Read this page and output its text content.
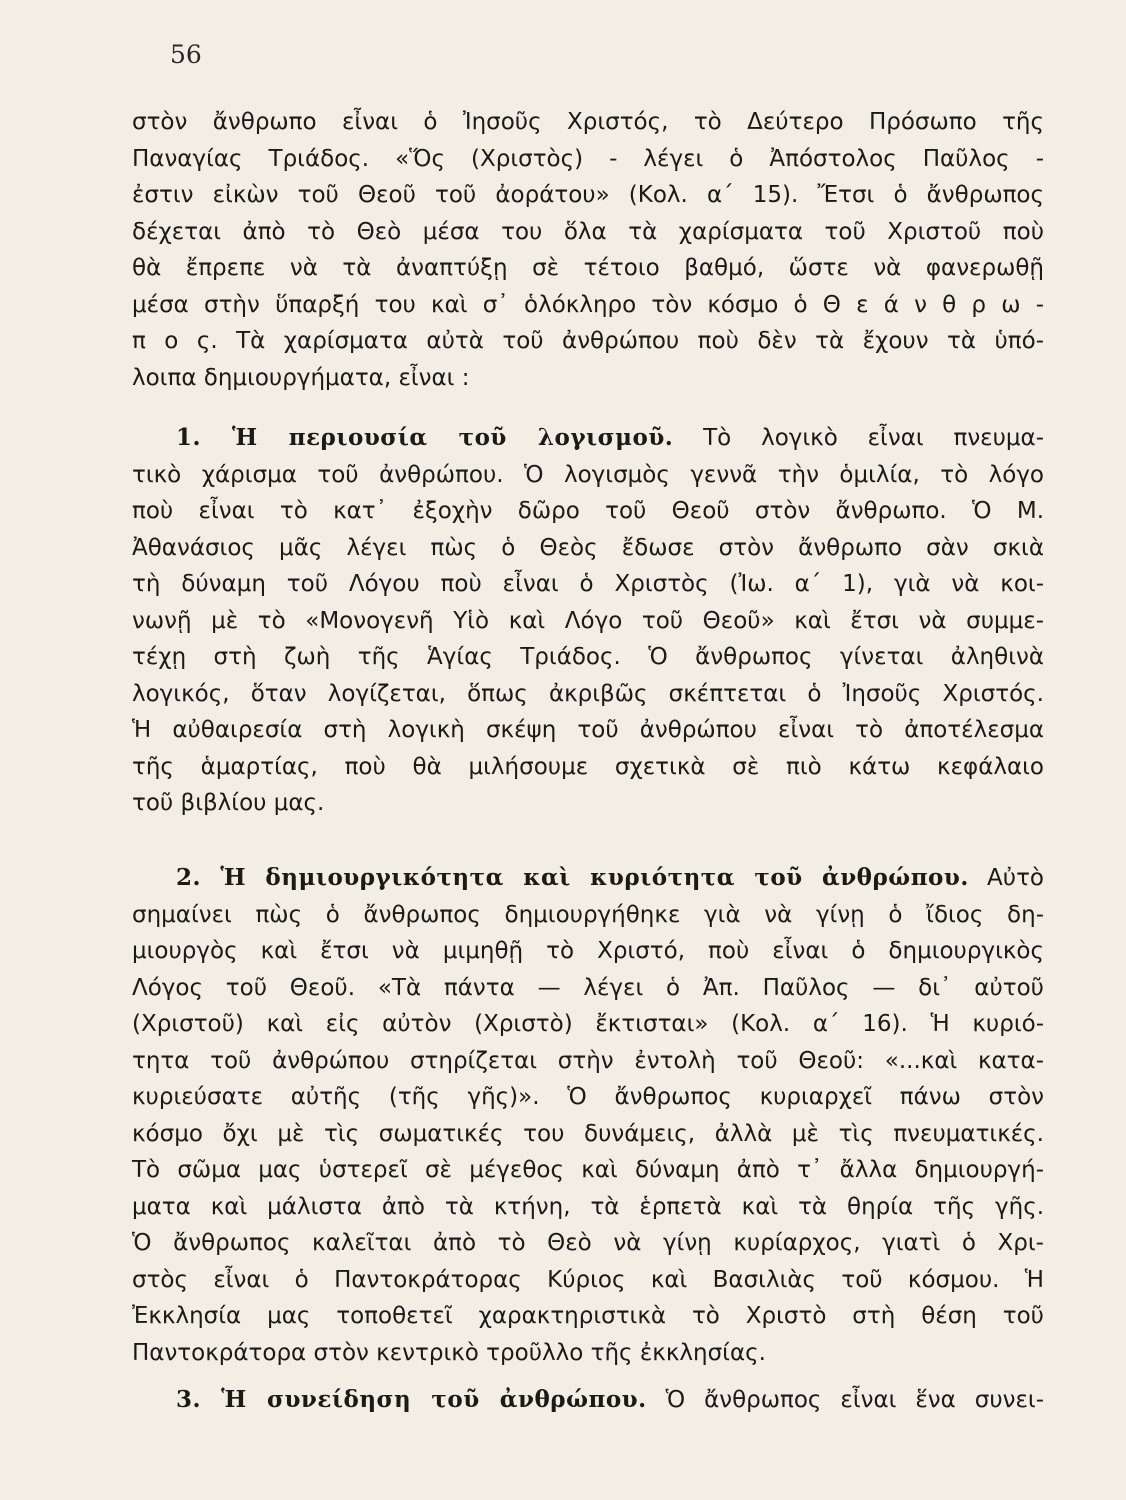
56
στὸν ἄνθρωπο εἶναι ὁ Ἰησοῦς Χριστός, τὸ Δεύτερο Πρόσωπο τῆς
Παναγίας Τριάδος. «Ὅς (Χριστὸς) - λέγει ὁ Ἀπόστολος Παῦλος -
ἐστιν εἰκὼν τοῦ Θεοῦ τοῦ ἀοράτου» (Κολ. α΄ 15). Ἔτσι ὁ ἄνθρωπος
δέχεται ἀπὸ τὸ Θεὸ μέσα του ὅλα τὰ χαρίσματα τοῦ Χριστοῦ ποὺ
θὰ ἔπρεπε νὰ τὰ ἀναπτύξῃ σὲ τέτοιο βαθμό, ὥστε νὰ φανερωθῇ
μέσα στὴν ὕπαρξή του καὶ σ᾽ ὁλόκληρο τὸν κόσμο ὁ Θ ε ά ν θ ρ ω -
π ο ς. Τὰ χαρίσματα αὐτὰ τοῦ ἀνθρώπου ποὺ δὲν τὰ ἔχουν τὰ ὑπό-
λοιπα δημιουργήματα, εἶναι :
1. Ἡ περιουσία τοῦ λογισμοῦ. Τὸ λογικὸ εἶναι πνευμα-
τικὸ χάρισμα τοῦ ἀνθρώπου. Ὁ λογισμὸς γεννᾶ τὴν ὁμιλία, τὸ λόγο
ποὺ εἶναι τὸ κατ᾽ ἐξοχὴν δῶρο τοῦ Θεοῦ στὸν ἄνθρωπο. Ὁ Μ.
Ἀθανάσιος μᾶς λέγει πὼς ὁ Θεὸς ἔδωσε στὸν ἄνθρωπο σὰν σκιὰ
τὴ δύναμη τοῦ Λόγου ποὺ εἶναι ὁ Χριστὸς (Ἰω. α΄ 1), γιὰ νὰ κοι-
νωνῇ μὲ τὸ «Μονογενῆ Υἱὸ καὶ Λόγο τοῦ Θεοῦ» καὶ ἔτσι νὰ συμμε-
τέχῃ στὴ ζωὴ τῆς Ἁγίας Τριάδος. Ὁ ἄνθρωπος γίνεται ἀληθινὰ
λογικός, ὅταν λογίζεται, ὅπως ἀκριβῶς σκέπτεται ὁ Ἰησοῦς Χριστός.
Ἡ αὐθαιρεσία στὴ λογικὴ σκέψη τοῦ ἀνθρώπου εἶναι τὸ ἀποτέλεσμα
τῆς ἁμαρτίας, ποὺ θὰ μιλήσουμε σχετικὰ σὲ πιὸ κάτω κεφάλαιο
τοῦ βιβλίου μας.
2. Ἡ δημιουργικότητα καὶ κυριότητα τοῦ ἀνθρώπου. Αὐτὸ
σημαίνει πὼς ὁ ἄνθρωπος δημιουργήθηκε γιὰ νὰ γίνῃ ὁ ἴδιος δη-
μιουργὸς καὶ ἔτσι νὰ μιμηθῇ τὸ Χριστό, ποὺ εἶναι ὁ δημιουργικὸς
Λόγος τοῦ Θεοῦ. «Τὰ πάντα — λέγει ὁ Ἀπ. Παῦλος — δι᾽ αὐτοῦ
(Χριστοῦ) καὶ εἰς αὐτὸν (Χριστὸ) ἔκτισται» (Κολ. α΄ 16). Ἡ κυριό-
τητα τοῦ ἀνθρώπου στηρίζεται στὴν ἐντολὴ τοῦ Θεοῦ: «...καὶ κατα-
κυριεύσατε αὐτῆς (τῆς γῆς)». Ὁ ἄνθρωπος κυριαρχεῖ πάνω στὸν
κόσμο ὄχι μὲ τὶς σωματικές του δυνάμεις, ἀλλὰ μὲ τὶς πνευματικές.
Τὸ σῶμα μας ὑστερεῖ σὲ μέγεθος καὶ δύναμη ἀπὸ τ᾽ ἄλλα δημιουργή-
ματα καὶ μάλιστα ἀπὸ τὰ κτήνη, τὰ ἑρπετὰ καὶ τὰ θηρία τῆς γῆς.
Ὁ ἄνθρωπος καλεῖται ἀπὸ τὸ Θεὸ νὰ γίνῃ κυρίαρχος, γιατὶ ὁ Χρι-
στὸς εἶναι ὁ Παντοκράτορας Κύριος καὶ Βασιλιὰς τοῦ κόσμου. Ἡ
Ἐκκλησία μας τοποθετεῖ χαρακτηριστικὰ τὸ Χριστὸ στὴ θέση τοῦ
Παντοκράτορα στὸν κεντρικὸ τροῦλλο τῆς ἐκκλησίας.
3. Ἡ συνείδηση τοῦ ἀνθρώπου. Ὁ ἄνθρωπος εἶναι ἕνα συνει-
